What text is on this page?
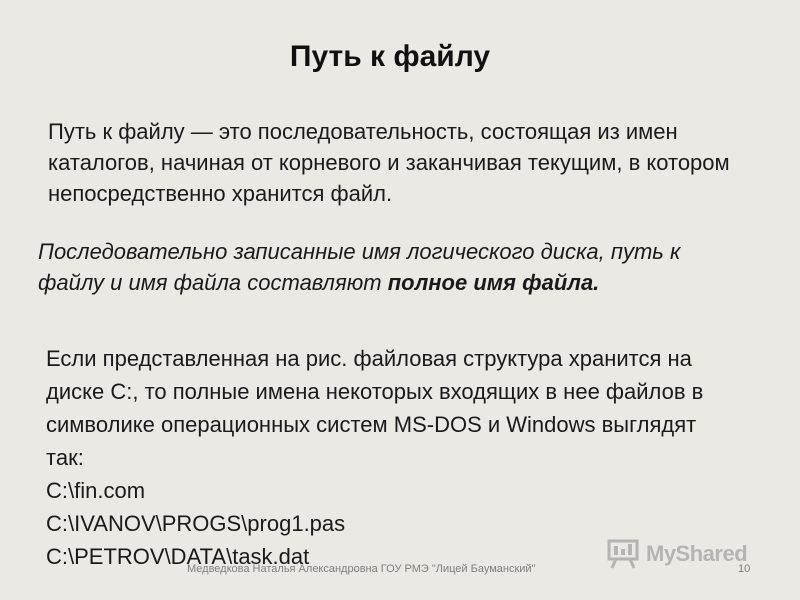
Путь к файлу
Путь к файлу — это последовательность, состоящая из имен каталогов, начиная от корневого и заканчивая текущим, в котором непосредственно хранится файл.
Последовательно записанные имя логического диска, путь к файлу и имя файла составляют полное имя файла.
Если представленная на рис. файловая структура хранится на диске С:, то полные имена некоторых входящих в нее файлов в символике операционных систем MS-DOS и Windows выглядят так:
C:\fin.com
C:\IVANOV\PROGS\prog1.pas
C:\PETROV\DATA\task.dat	MyShared
Медведкова Наталья Александровна ГОУ РМЭ "Лицей Бауманский"	10
